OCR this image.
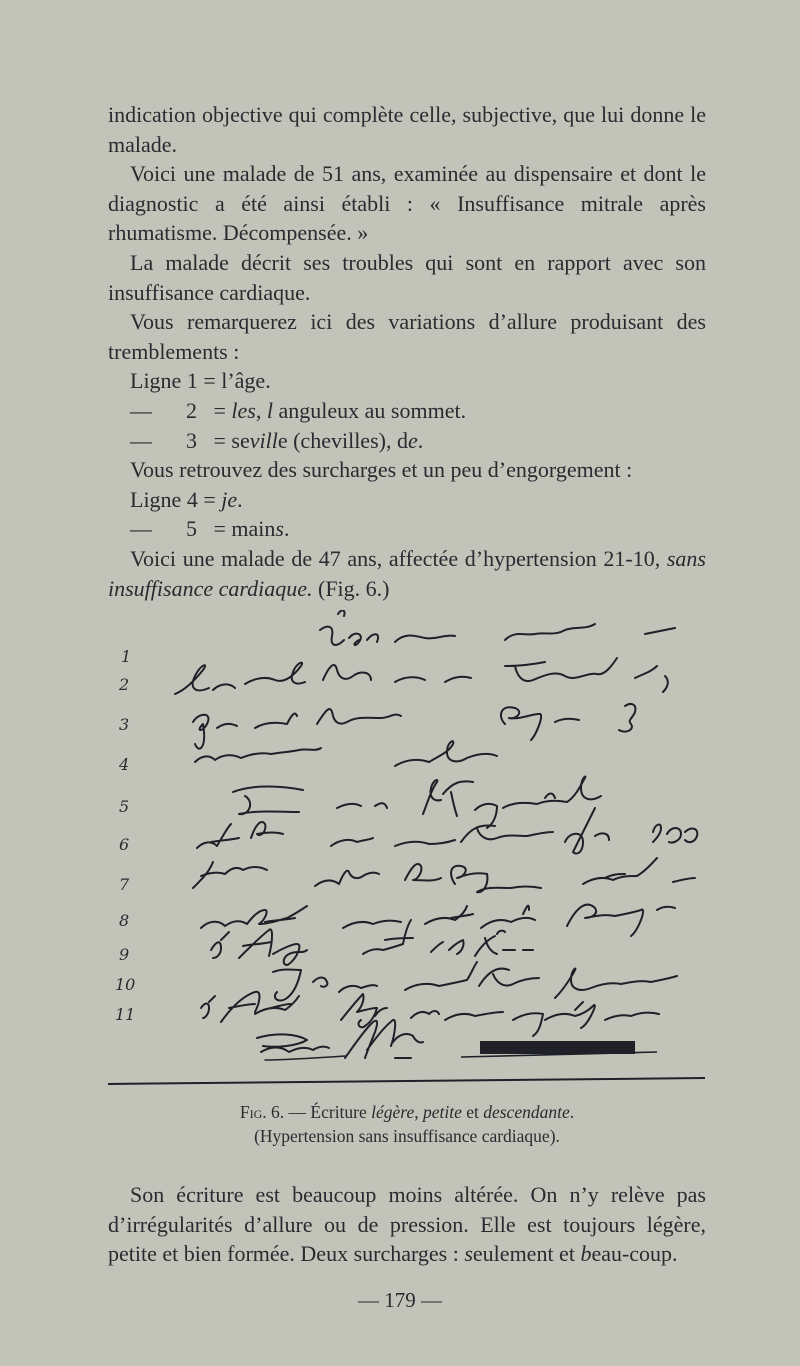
indication objective qui complète celle, subjective, que lui donne le malade.

Voici une malade de 51 ans, examinée au dispensaire et dont le diagnostic a été ainsi établi : « Insuffisance mitrale après rhumatisme. Décompensée. »

La malade décrit ses troubles qui sont en rapport avec son insuffisance cardiaque.

Vous remarquerez ici des variations d’allure produisant des tremblements :

Ligne 1 = l’âge.

—	2 = les , l anguleux au sommet.

—	3 = se vill e (chevilles), d e .

Vous retrouvez des surcharges et un peu d’engorgement :

Ligne 4 = je.

—	5 = main s .

Voici une malade de 47 ans, affectée d’hypertension 21-10, sans insuffisance cardiaque. (Fig. 6.)

1
2
3
4
5
6
7
8
9
10
11
Fig. 6. — Écriture légère, petite et descendante.
(Hypertension sans insuffisance cardiaque).

Son écriture est beaucoup moins altérée. On n’y relève pas d’irrégularités d’allure ou de pression. Elle est toujours légère, petite et bien formée. Deux surcharges : seulement et beau-coup.

— 179 —
